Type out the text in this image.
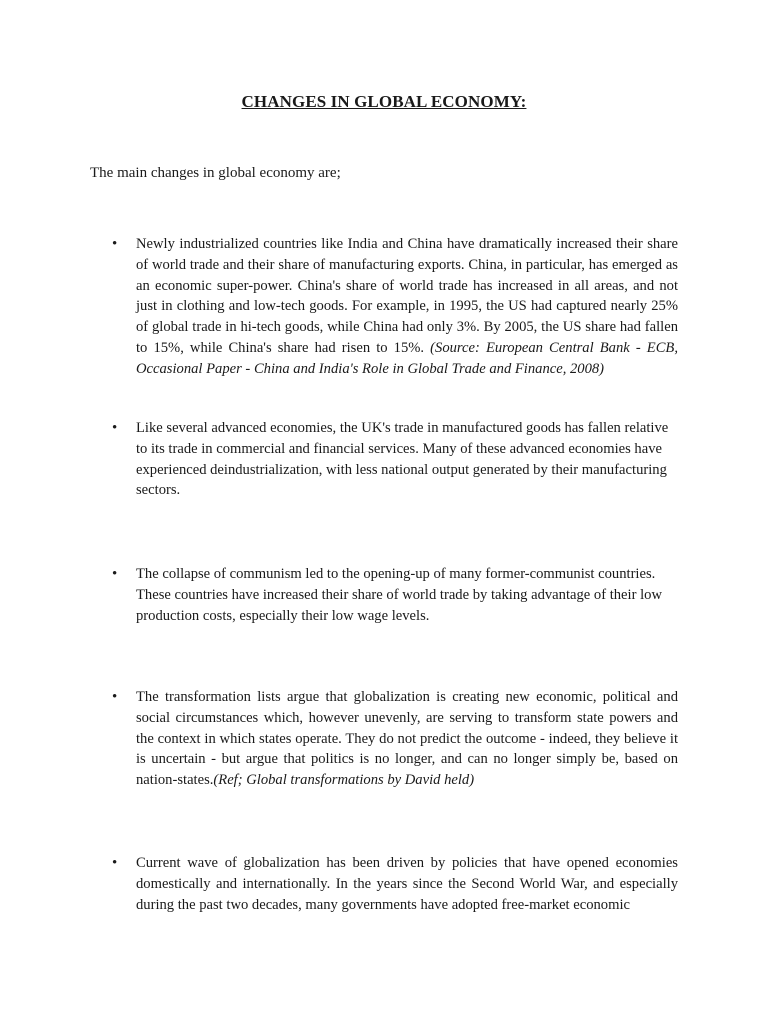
CHANGES IN GLOBAL ECONOMY:
The main changes in global economy are;
• Newly industrialized countries like India and China have dramatically increased their share of world trade and their share of manufacturing exports. China, in particular, has emerged as an economic super-power. China's share of world trade has increased in all areas, and not just in clothing and low-tech goods. For example, in 1995, the US had captured nearly 25% of global trade in hi-tech goods, while China had only 3%. By 2005, the US share had fallen to 15%, while China's share had risen to 15%. (Source: European Central Bank - ECB, Occasional Paper - China and India's Role in Global Trade and Finance, 2008)
• Like several advanced economies, the UK's trade in manufactured goods has fallen relative to its trade in commercial and financial services. Many of these advanced economies have experienced deindustrialization, with less national output generated by their manufacturing sectors.
• The collapse of communism led to the opening-up of many former-communist countries. These countries have increased their share of world trade by taking advantage of their low production costs, especially their low wage levels.
• The transformation lists argue that globalization is creating new economic, political and social circumstances which, however unevenly, are serving to transform state powers and the context in which states operate. They do not predict the outcome - indeed, they believe it is uncertain - but argue that politics is no longer, and can no longer simply be, based on nation-states.(Ref; Global transformations by David held)
• Current wave of globalization has been driven by policies that have opened economies domestically and internationally. In the years since the Second World War, and especially during the past two decades, many governments have adopted free-market economic
